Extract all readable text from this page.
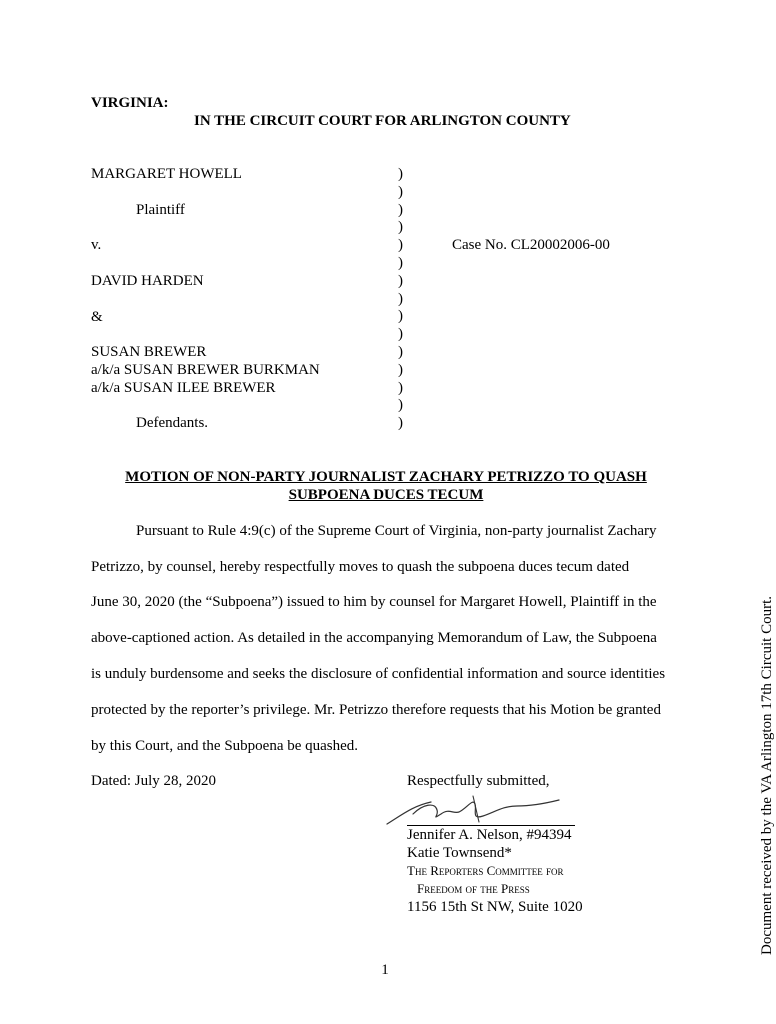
VIRGINIA:
IN THE CIRCUIT COURT FOR ARLINGTON COUNTY
MARGARET HOWELL
Plaintiff
v.
DAVID HARDEN
&
SUSAN BREWER
a/k/a SUSAN BREWER BURKMAN
a/k/a SUSAN ILEE BREWER
Defendants.
)
)
)
)
)
)
)
)
)
)
)
)
)
)
)
Case No. CL20002006-00
MOTION OF NON-PARTY JOURNALIST ZACHARY PETRIZZO TO QUASH
SUBPOENA DUCES TECUM
Pursuant to Rule 4:9(c) of the Supreme Court of Virginia, non-party journalist Zachary
Petrizzo, by counsel, hereby respectfully moves to quash the subpoena duces tecum dated
June 30, 2020 (the “Subpoena”) issued to him by counsel for Margaret Howell, Plaintiff in the
above-captioned action. As detailed in the accompanying Memorandum of Law, the Subpoena
is unduly burdensome and seeks the disclosure of confidential information and source identities
protected by the reporter’s privilege. Mr. Petrizzo therefore requests that his Motion be granted
by this Court, and the Subpoena be quashed.
Dated: July 28, 2020	Respectfully submitted,
Jennifer A. Nelson, #94394
Katie Townsend*
The Reporters Committee for
Freedom of the Press
1156 15th St NW, Suite 1020
1
Document received by the VA Arlington 17th Circuit Court.
